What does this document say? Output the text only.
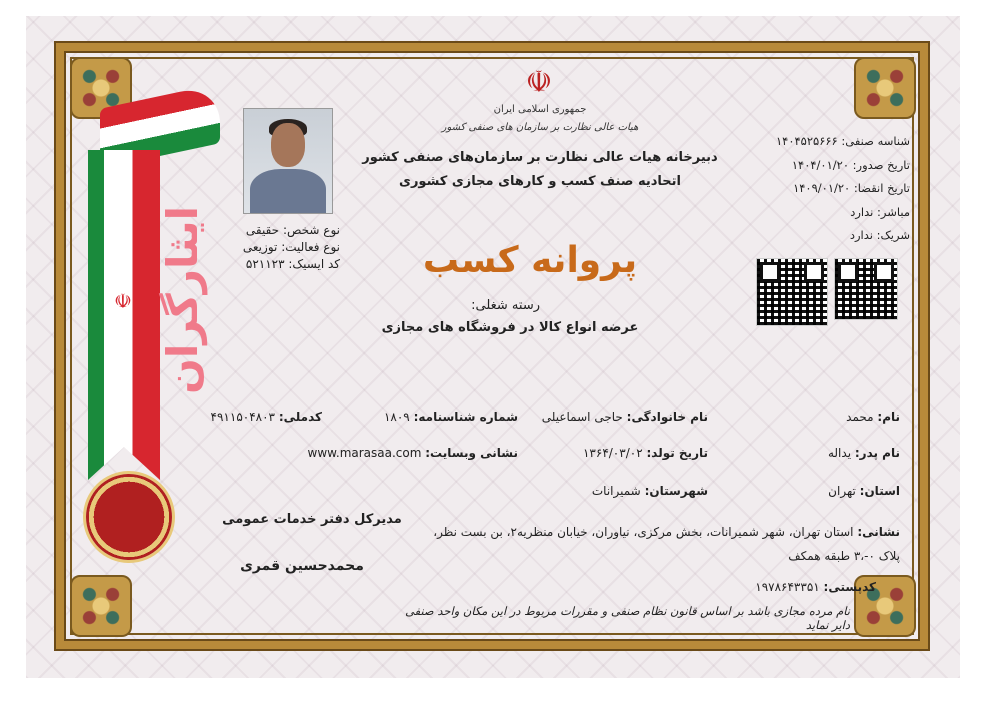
☫ ایثارگران	نوع شخص: حقیقی
نوع فعالیت: توزیعی
کد ایسیک: ۵۲۱۱۲۳
☫
جمهوری اسلامی ایران
هیات عالی نظارت بر سازمان های صنفی کشور
دبیرخانه هیات عالی نظارت بر سازمان‌های صنفی کشور
اتحادیه صنف کسب و کارهای مجازی کشوری
پروانه کسب
رسته شغلی:
عرضه انواع کالا در فروشگاه های مجازی
شناسه صنفی: ۱۴۰۴۵۲۵۶۶۶
تاریخ صدور: ۱۴۰۴/۰۱/۲۰
تاریخ انقضا: ۱۴۰۹/۰۱/۲۰
مباشر: ندارد
شریک: ندارد
نام: محمد
نام خانوادگی: حاجی اسماعیلی
شماره شناسنامه: ۱۸۰۹
کدملی: ۴۹۱۱۵۰۴۸۰۳
نام پدر: یداله
تاریخ تولد: ۱۳۶۴/۰۳/۰۲
نشانی وبسایت: www.marasaa.com
استان: تهران
شهرستان: شمیرانات
نشانی: استان تهران، شهر شمیرانات، بخش مرکزی، نیاوران، خیابان منظریه۲، بن بست نظر،
پلاک ۰-،۳ طبقه همکف
مدیرکل دفتر خدمات عمومی
محمدحسین قمری
کدپستی: ۱۹۷۸۶۴۳۳۵۱
نام مرده مجازی باشد بر اساس قانون نظام صنفی و مقررات مربوط در این مکان واحد صنفی دایر نماید
